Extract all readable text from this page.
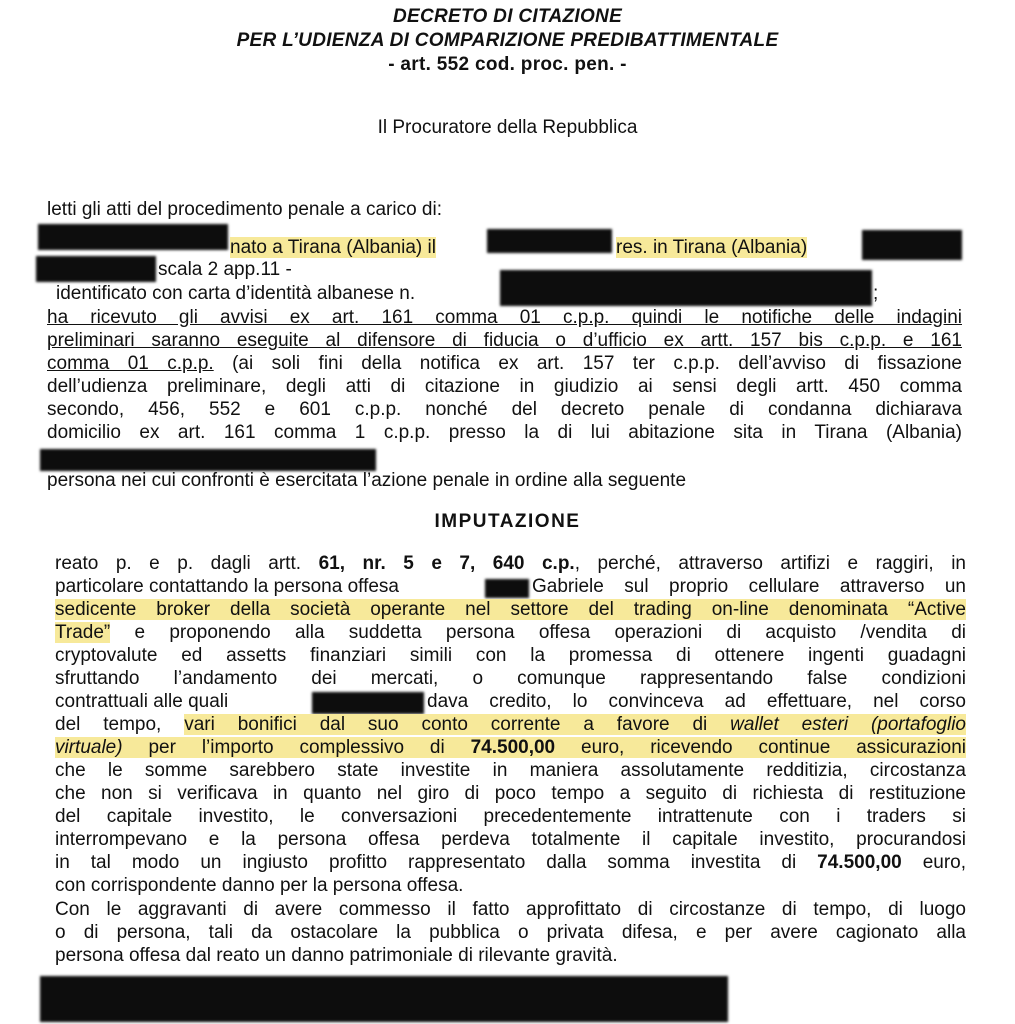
DECRETO DI CITAZIONE
PER L’UDIENZA DI COMPARIZIONE PREDIBATTIMENTALE
- art. 552 cod. proc. pen. -
Il Procuratore della Repubblica
letti gli atti del procedimento penale a carico di:
nato a Tirana (Albania) il	res. in Tirana (Albania)
scala 2 app.11 -
identificato con carta d’identità albanese n.	;
ha ricevuto gli avvisi ex art. 161 comma 01 c.p.p. quindi le notifiche delle indagini
preliminari saranno eseguite al difensore di fiducia o d’ufficio ex artt. 157 bis c.p.p. e 161
comma 01 c.p.p. (ai soli fini della notifica ex art. 157 ter c.p.p. dell’avviso di fissazione
dell’udienza preliminare, degli atti di citazione in giudizio ai sensi degli artt. 450 comma
secondo, 456, 552 e 601 c.p.p. nonché del decreto penale di condanna dichiarava
domicilio ex art. 161 comma 1 c.p.p. presso la di lui abitazione sita in Tirana (Albania)
persona nei cui confronti è esercitata l’azione penale in ordine alla seguente
IMPUTAZIONE
reato p. e p. dagli artt. 61, nr. 5 e 7, 640 c.p., perché, attraverso artifizi e raggiri, in
particolare contattando la persona offesa	Gabriele sul proprio cellulare attraverso un
sedicente broker della società operante nel settore del trading on-line denominata “Active
Trade” e proponendo alla suddetta persona offesa operazioni di acquisto /vendita di
cryptovalute ed assetts finanziari simili con la promessa di ottenere ingenti guadagni
sfruttando l’andamento dei mercati, o comunque rappresentando false condizioni
contrattuali alle quali	dava credito, lo convinceva ad effettuare, nel corso
del tempo, vari bonifici dal suo conto corrente a favore di wallet esteri (portafoglio
virtuale) per l’importo complessivo di 74.500,00 euro, ricevendo continue assicurazioni
che le somme sarebbero state investite in maniera assolutamente redditizia, circostanza
che non si verificava in quanto nel giro di poco tempo a seguito di richiesta di restituzione
del capitale investito, le conversazioni precedentemente intrattenute con i traders si
interrompevano e la persona offesa perdeva totalmente il capitale investito, procurandosi
in tal modo un ingiusto profitto rappresentato dalla somma investita di 74.500,00 euro,
con corrispondente danno per la persona offesa.
Con le aggravanti di avere commesso il fatto approfittato di circostanze di tempo, di luogo
o di persona, tali da ostacolare la pubblica o privata difesa, e per avere cagionato alla
persona offesa dal reato un danno patrimoniale di rilevante gravità.
